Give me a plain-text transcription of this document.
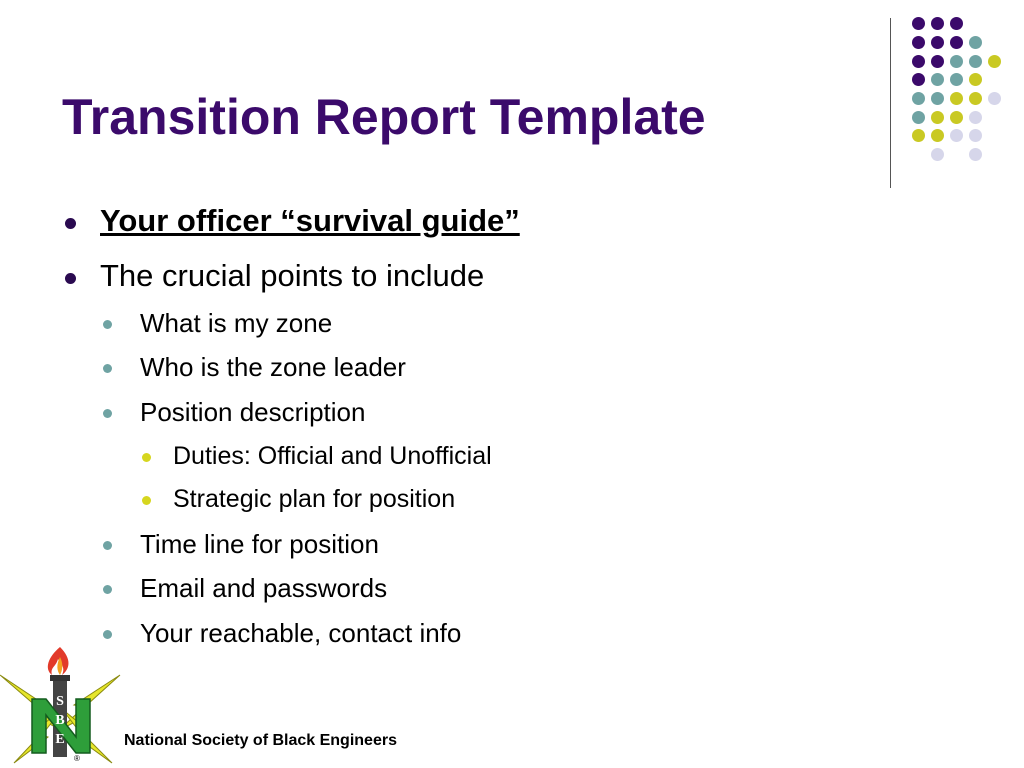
Transition Report Template
Your officer “survival guide”
The crucial points to include
What is my zone
Who is the zone leader
Position description
Duties: Official and Unofficial
Strategic plan for position
Time line for position
Email and passwords
Your reachable, contact info
S
B
E
®
National Society of Black Engineers
